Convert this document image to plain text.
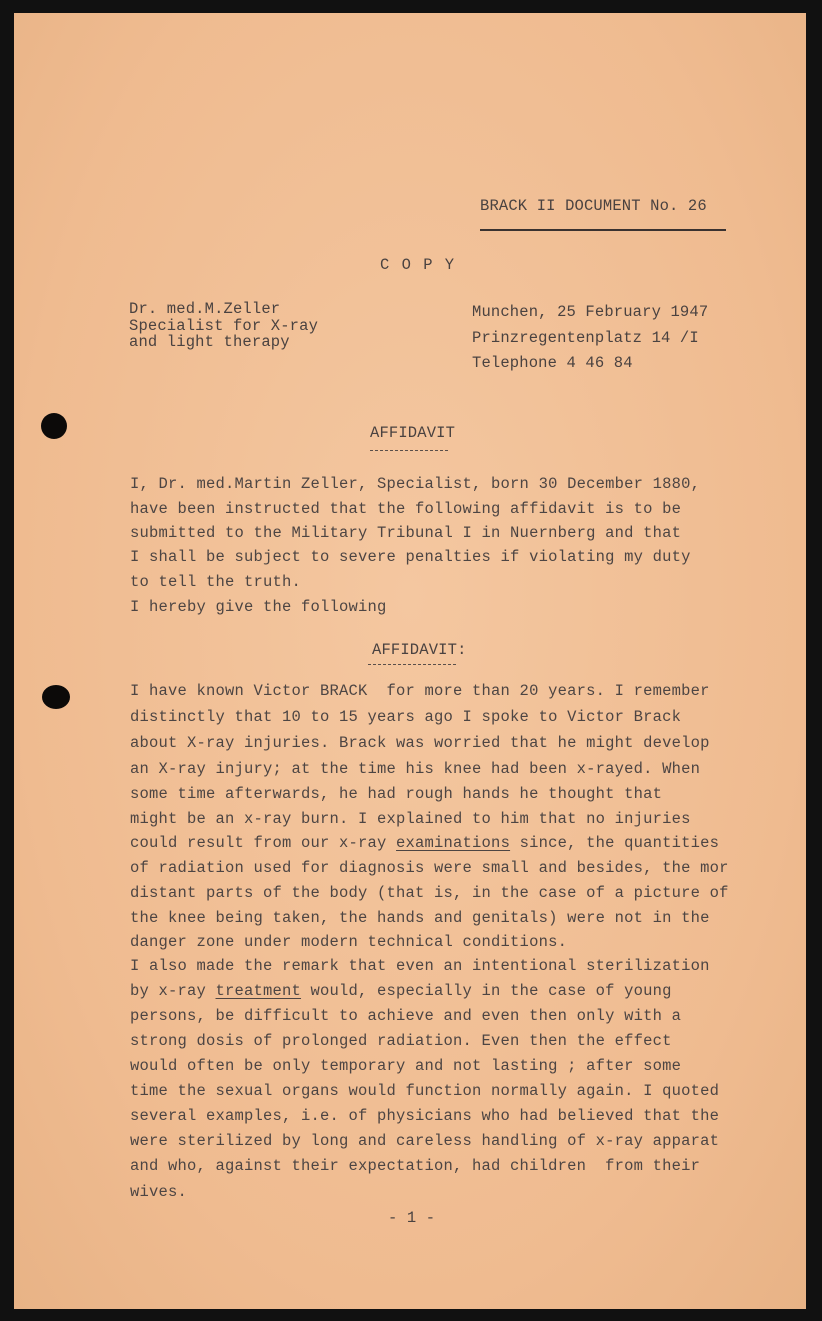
BRACK II DOCUMENT No. 26
C O P Y
Dr. med.M.Zeller
Specialist for X-ray
and light therapy
Munchen, 25 February 1947
Prinzregentenplatz 14 /I
Telephone 4 46 84
AFFIDAVIT
I, Dr. med.Martin Zeller, Specialist, born 30 December 1880,
have been instructed that the following affidavit is to be
submitted to the Military Tribunal I in Nuernberg and that
I shall be subject to severe penalties if violating my duty
to tell the truth.
I hereby give the following
AFFIDAVIT:
I have known Victor BRACK  for more than 20 years. I remember
distinctly that 10 to 15 years ago I spoke to Victor Brack
about X-ray injuries. Brack was worried that he might develop
an X-ray injury; at the time his knee had been x-rayed. When
some time afterwards, he had rough hands he thought that
might be an x-ray burn. I explained to him that no injuries
could result from our x-ray examinations since, the quantities
of radiation used for diagnosis were small and besides, the mor
distant parts of the body (that is, in the case of a picture of
the knee being taken, the hands and genitals) were not in the
danger zone under modern technical conditions.
I also made the remark that even an intentional sterilization
by x-ray treatment would, especially in the case of young
persons, be difficult to achieve and even then only with a
strong dosis of prolonged radiation. Even then the effect
would often be only temporary and not lasting ; after some
time the sexual organs would function normally again. I quoted
several examples, i.e. of physicians who had believed that the
were sterilized by long and careless handling of x-ray apparat
and who, against their expectation, had children  from their
wives.
- 1 -
